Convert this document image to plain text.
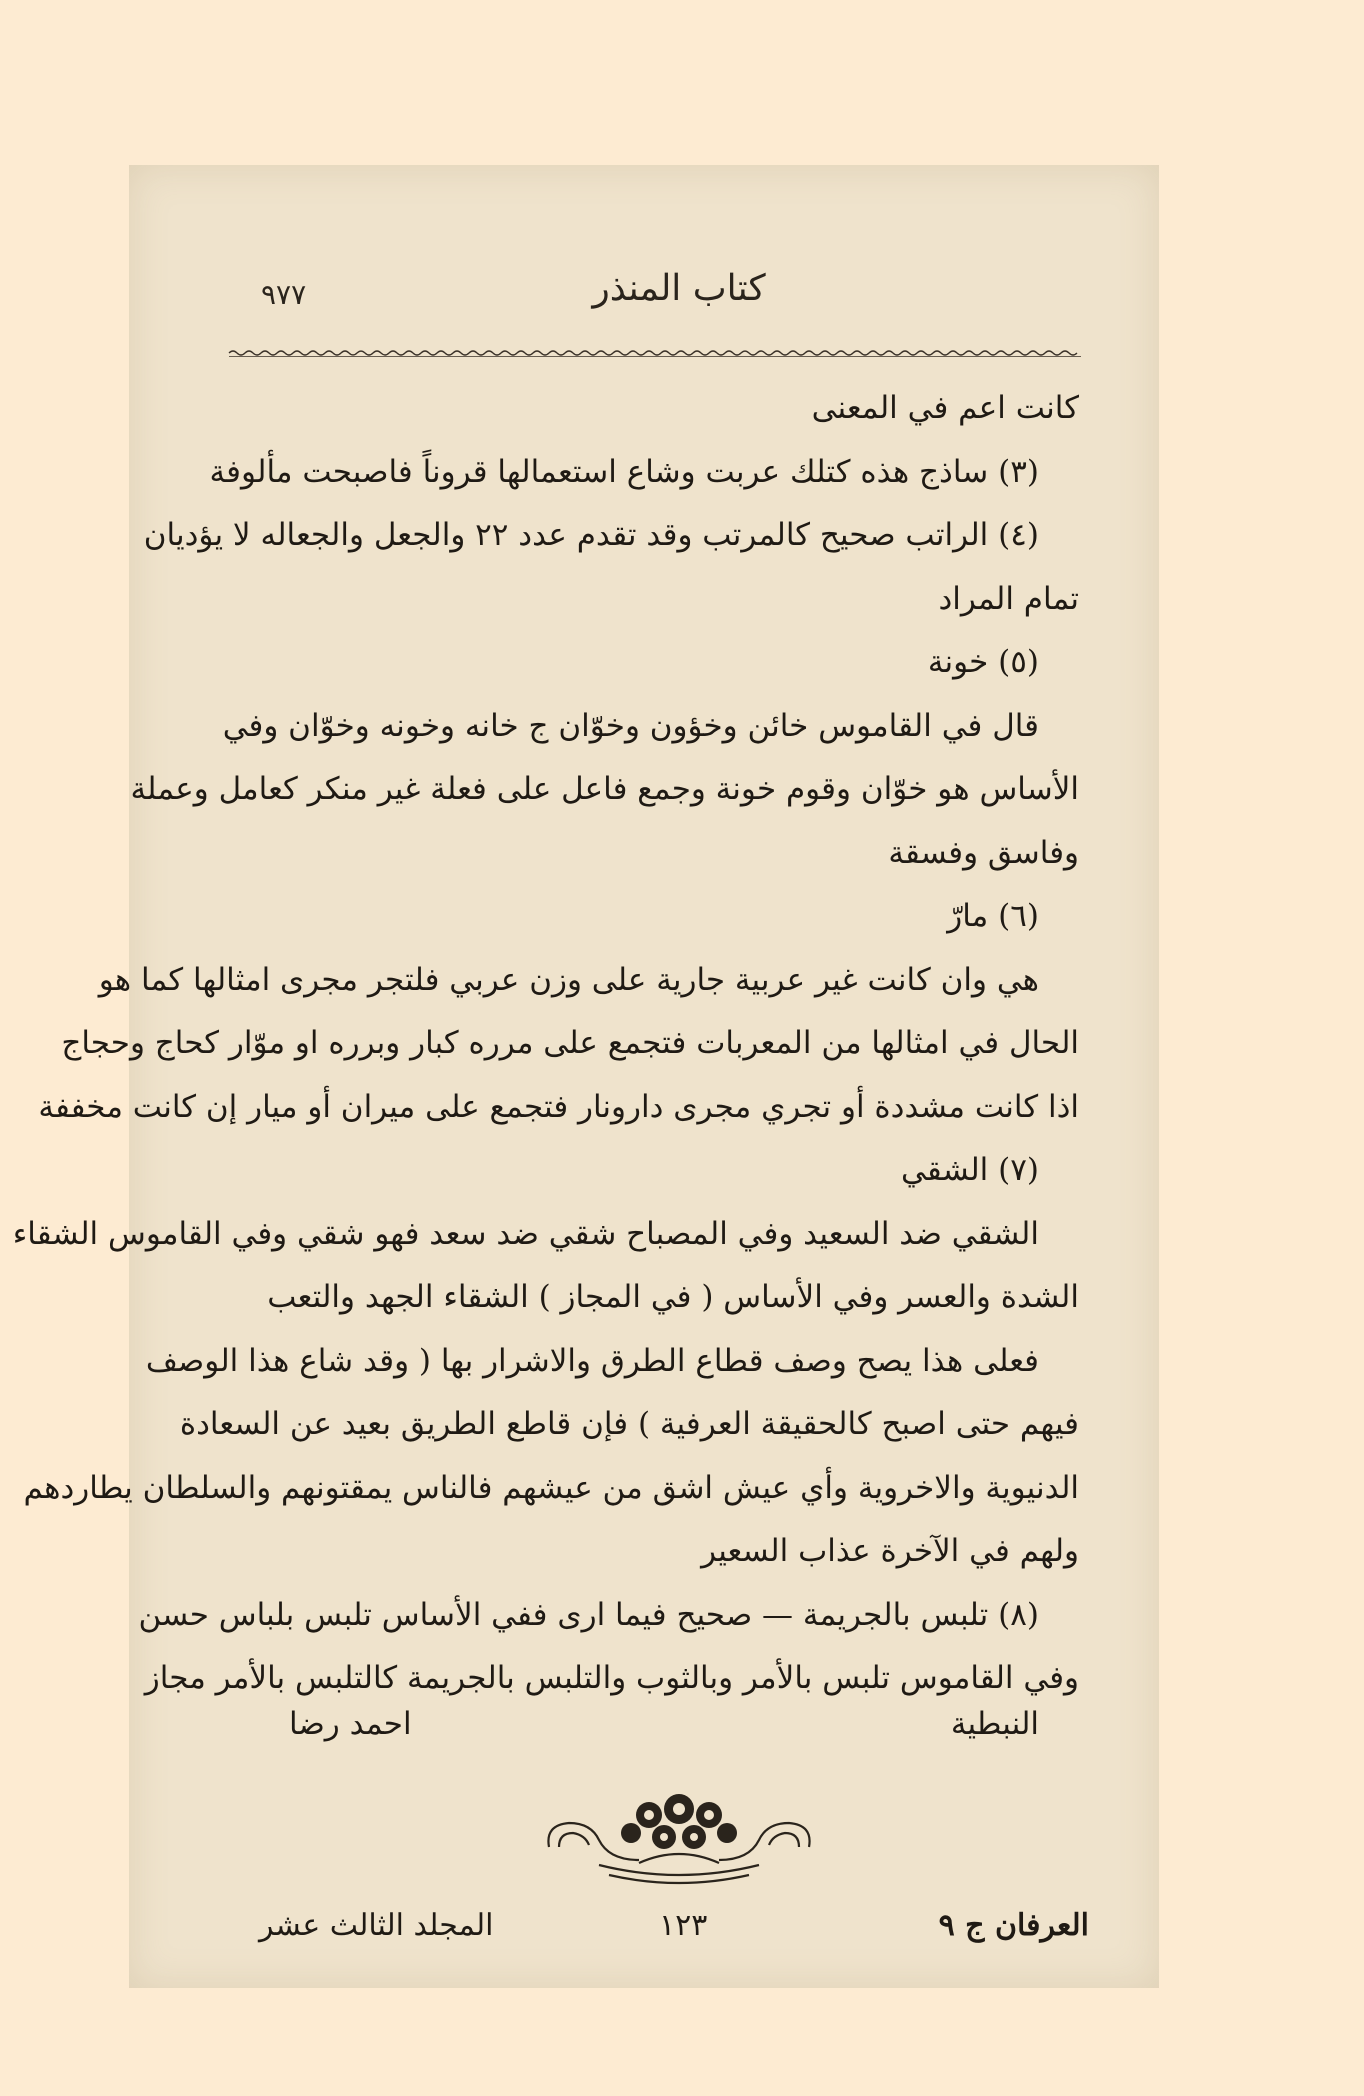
٩٧٧	كتاب المنذر
كانت اعم في المعنى
(٣) ساذج هذه كتلك عربت وشاع استعمالها قروناً فاصبحت مألوفة
(٤) الراتب صحيح كالمرتب وقد تقدم عدد ٢٢ والجعل والجعاله لا يؤديان
تمام المراد
(٥) خونة
قال في القاموس خائن وخؤون وخوّان ج خانه وخونه وخوّان وفي
الأساس هو خوّان وقوم خونة وجمع فاعل على فعلة غير منكر كعامل وعملة
وفاسق وفسقة
(٦) مارّ
هي وان كانت غير عربية جارية على وزن عربي فلتجر مجرى امثالها كما هو
الحال في امثالها من المعربات فتجمع على مرره كبار وبرره او موّار كحاج وحجاج
اذا كانت مشددة أو تجري مجرى دارونار فتجمع على ميران أو ميار إن كانت مخففة
(٧) الشقي
الشقي ضد السعيد وفي المصباح شقي ضد سعد فهو شقي وفي القاموس الشقاء
الشدة والعسر وفي الأساس ( في المجاز ) الشقاء الجهد والتعب
فعلى هذا يصح وصف قطاع الطرق والاشرار بها ( وقد شاع هذا الوصف
فيهم حتى اصبح كالحقيقة العرفية ) فإن قاطع الطريق بعيد عن السعادة
الدنيوية والاخروية وأي عيش اشق من عيشهم فالناس يمقتونهم والسلطان يطاردهم
ولهم في الآخرة عذاب السعير
(٨) تلبس بالجريمة — صحيح فيما ارى ففي الأساس تلبس بلباس حسن
وفي القاموس تلبس بالأمر وبالثوب والتلبس بالجريمة كالتلبس بالأمر مجاز
النبطية
احمد رضا
العرفان ج ٩
١٢٣
المجلد الثالث عشر
